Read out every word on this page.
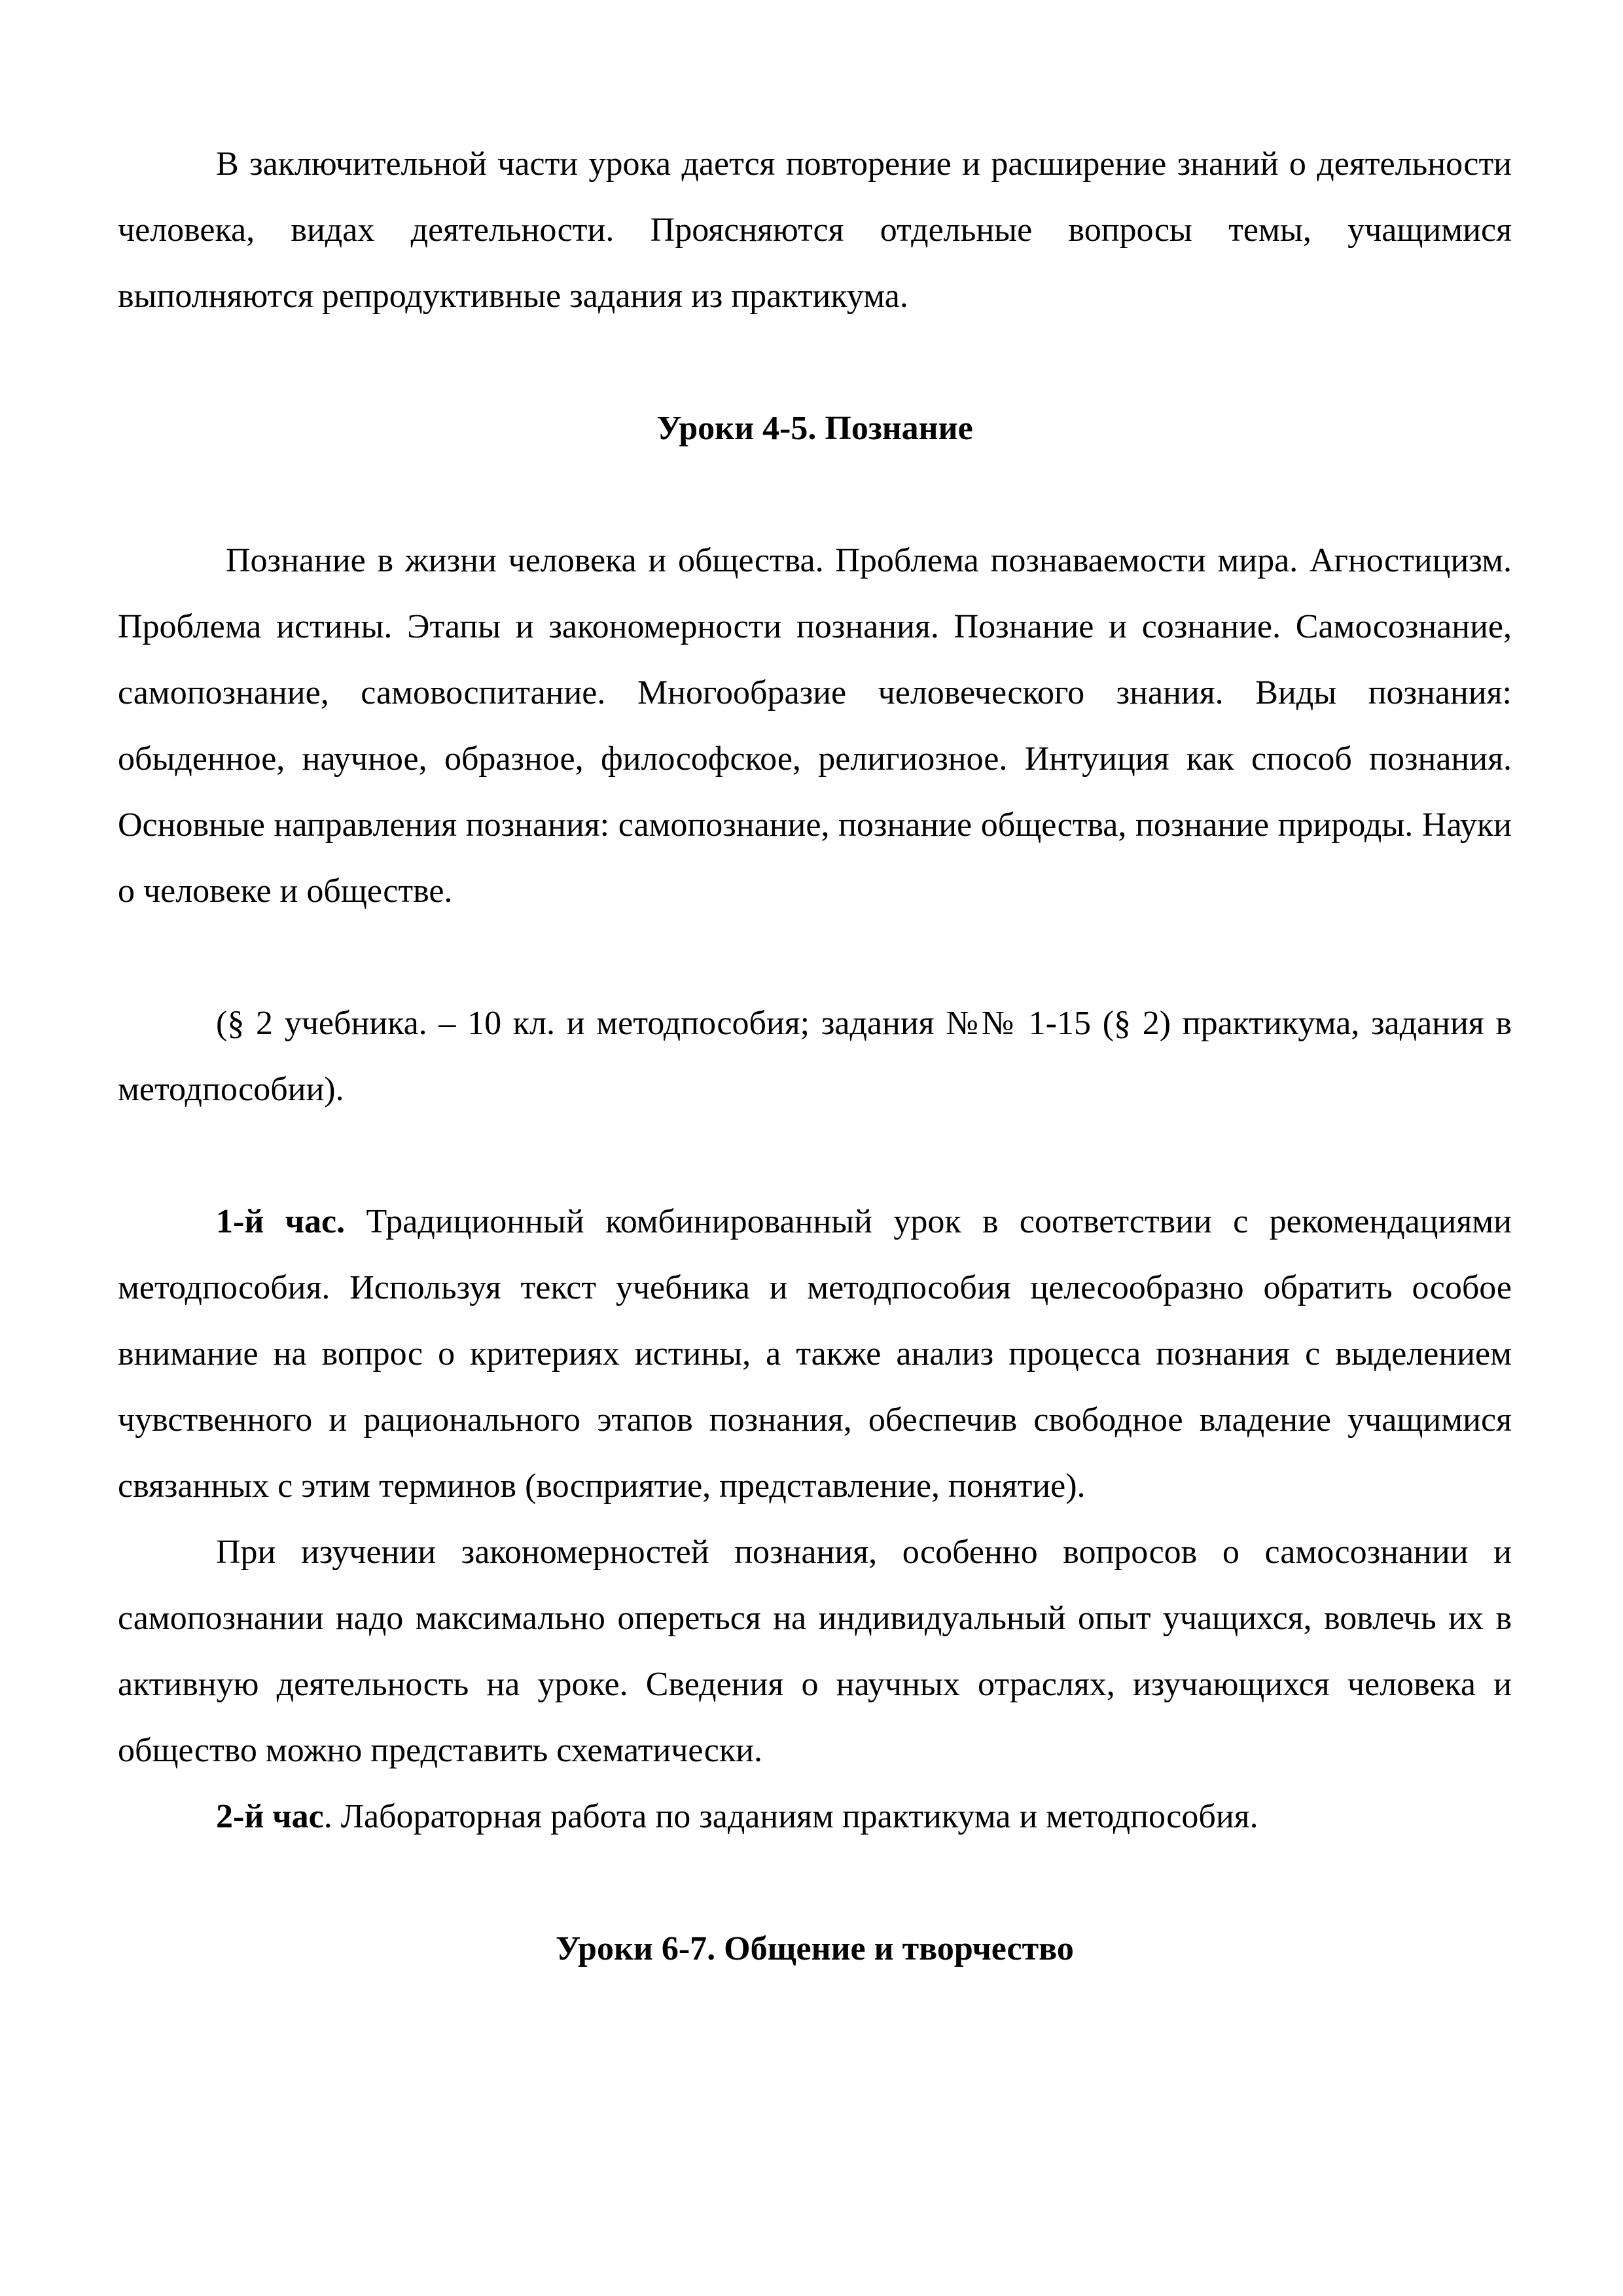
В заключительной части урока дается повторение и расширение знаний о деятельности человека, видах деятельности. Проясняются отдельные вопросы темы, учащимися выполняются репродуктивные задания из практикума.

Уроки 4-5. Познание

Познание в жизни человека и общества. Проблема познаваемости мира. Агностицизм. Проблема истины. Этапы и закономерности познания. Познание и сознание. Самосознание, самопознание, самовоспитание. Многообразие человеческого знания. Виды познания: обыденное, научное, образное, философское, религиозное. Интуиция как способ познания. Основные направления познания: самопознание, познание общества, познание природы. Науки о человеке и обществе.

(§ 2 учебника. – 10 кл. и методпособия; задания №№ 1-15 (§ 2) практикума, задания в методпособии).

1-й час. Традиционный комбинированный урок в соответствии с рекомендациями методпособия. Используя текст учебника и методпособия целесообразно обратить особое внимание на вопрос о критериях истины, а также анализ процесса познания с выделением чувственного и рационального этапов познания, обеспечив свободное владение учащимися связанных с этим терминов (восприятие, представление, понятие).

При изучении закономерностей познания, особенно вопросов о самосознании и самопознании надо максимально опереться на индивидуальный опыт учащихся, вовлечь их в активную деятельность на уроке. Сведения о научных отраслях, изучающихся человека и общество можно представить схематически.

2-й час. Лабораторная работа по заданиям практикума и методпособия.

Уроки 6-7. Общение и творчество
